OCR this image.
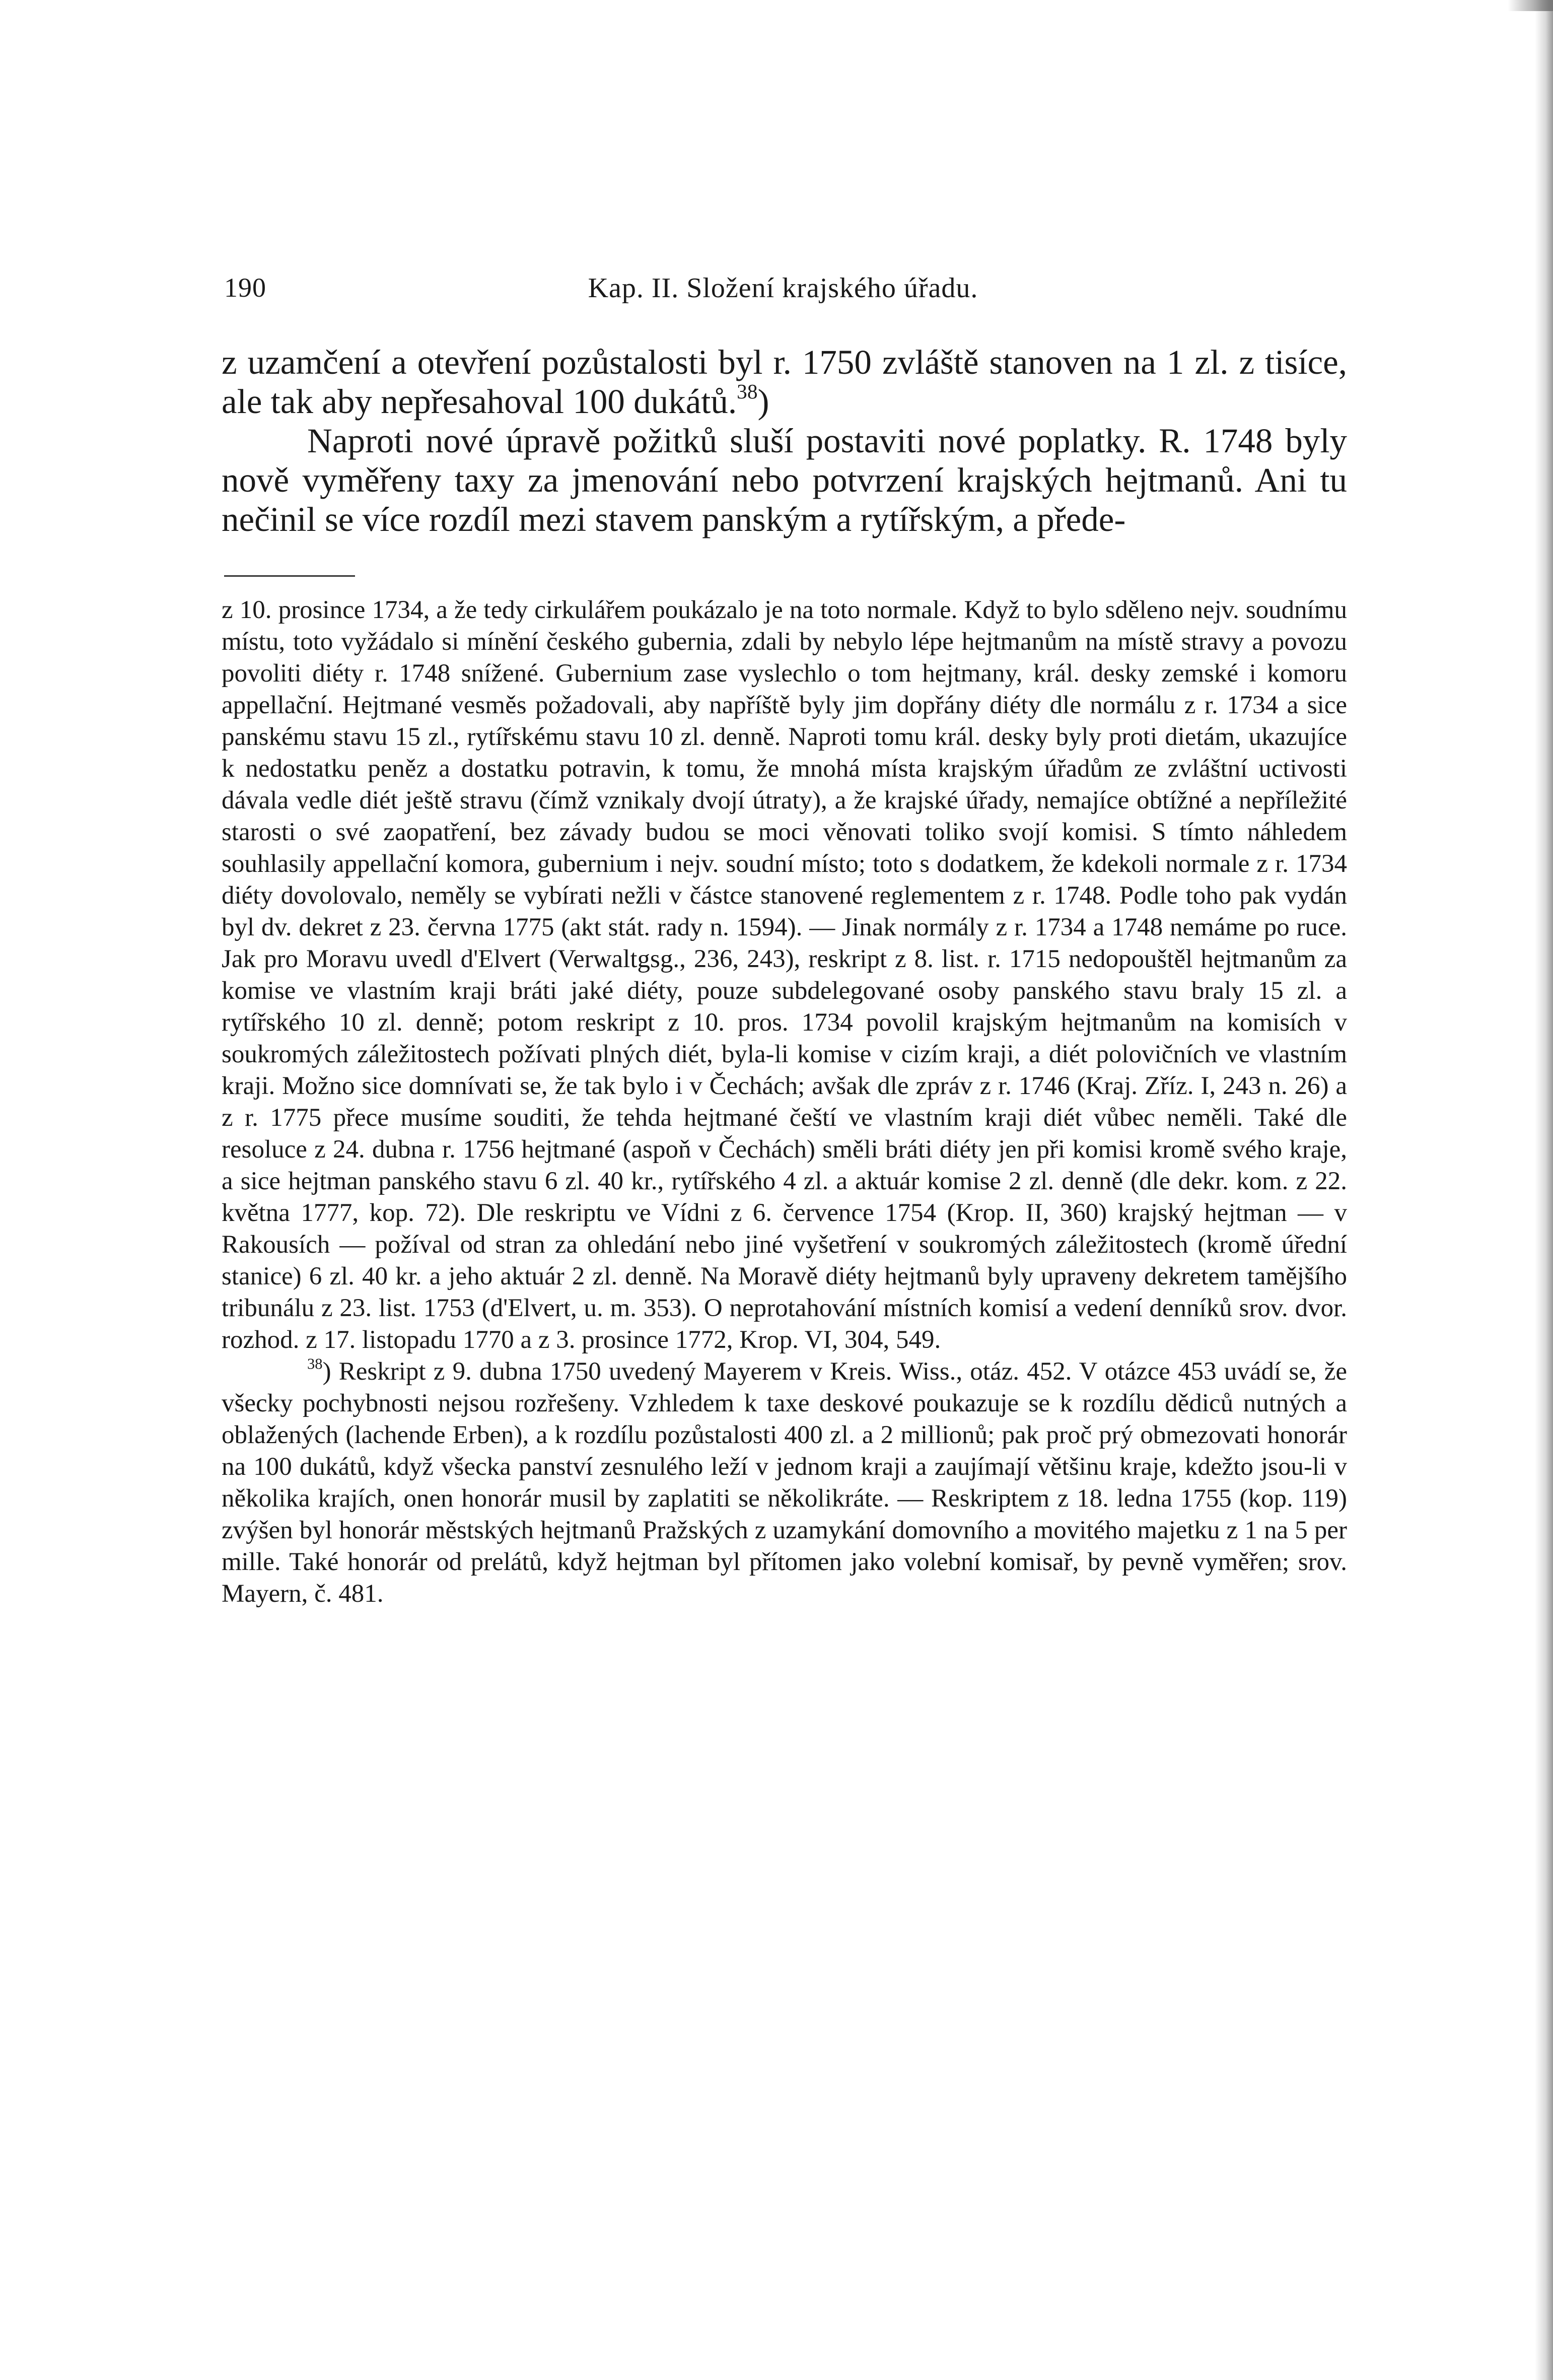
Kap. II. Složení krajského úřadu.
190

z uzamčení a otevření pozůstalosti byl r. 1750 zvláště stanoven na 1 zl. z tisíce, ale tak aby nepřesahoval 100 dukátů.$^{38}$)

Naproti nové úpravě požitků sluší postaviti nové poplatky. R. 1748 byly nově vyměřeny taxy za jmenování nebo potvrzení krajských hejtmanů. Ani tu nečinil se více rozdíl mezi stavem panským a rytířským, a přede-

z 10. prosince 1734, a že tedy cirkulářem poukázalo je na toto normale. Když to bylo sděleno nejv. soudnímu místu, toto vyžádalo si mínění českého gubernia, zdali by nebylo lépe hejtmanům na místě stravy a povozu povoliti diéty r. 1748 snížené. Gubernium zase vyslechlo o tom hejtmany, král. desky zemské i komoru appellační. Hejtmané vesměs požadovali, aby napříště byly jim dopřány diéty dle normálu z r. 1734 a sice panskému stavu 15 zl., rytířskému stavu 10 zl. denně. Naproti tomu král. desky byly proti dietám, ukazujíce k nedostatku peněz a dostatku potravin, k tomu, že mnohá místa krajským úřadům ze zvláštní uctivosti dávala vedle diét ještě stravu (čímž vznikaly dvojí útraty), a že krajské úřady, nemajíce obtížné a nepříležité starosti o své zaopatření, bez závady budou se moci věnovati toliko svojí komisi. S tímto náhledem souhlasily appellační komora, gubernium i nejv. soudní místo; toto s dodatkem, že kdekoli normale z r. 1734 diéty dovolovalo, neměly se vybírati nežli v částce stanovené reglementem z r. 1748. Podle toho pak vydán byl dv. dekret z 23. června 1775 (akt stát. rady n. 1594). — Jinak normály z r. 1734 a 1748 nemáme po ruce. Jak pro Moravu uvedl d'Elvert (Verwaltgsg., 236, 243), reskript z 8. list. r. 1715 nedopouštěl hejtmanům za komise ve vlastním kraji bráti jaké diéty, pouze subdelegované osoby panského stavu braly 15 zl. a rytířského 10 zl. denně; potom reskript z 10. pros. 1734 povolil krajským hejtmanům na komisích v soukromých záležitostech požívati plných diét, byla-li komise v cizím kraji, a diét polovičních ve vlastním kraji. Možno sice domnívati se, že tak bylo i v Čechách; avšak dle zpráv z r. 1746 (Kraj. Zříz. I, 243 n. 26) a z r. 1775 přece musíme souditi, že tehda hejtmané čeští ve vlastním kraji diét vůbec neměli. Také dle resoluce z 24. dubna r. 1756 hejtmané (aspoň v Čechách) směli bráti diéty jen při komisi kromě svého kraje, a sice hejtman panského stavu 6 zl. 40 kr., rytířského 4 zl. a aktuár komise 2 zl. denně (dle dekr. kom. z 22. května 1777, kop. 72). Dle reskriptu ve Vídni z 6. července 1754 (Krop. II, 360) krajský hejtman — v Rakousích — požíval od stran za ohledání nebo jiné vyšetření v soukromých záležitostech (kromě úřední stanice) 6 zl. 40 kr. a jeho aktuár 2 zl. denně. Na Moravě diéty hejtmanů byly upraveny dekretem tamějšího tribunálu z 23. list. 1753 (d'Elvert, u. m. 353). O neprotahování místních komisí a vedení denníků srov. dvor. rozhod. z 17. listopadu 1770 a z 3. prosince 1772, Krop. VI, 304, 549.

$^{38}$) Reskript z 9. dubna 1750 uvedený Mayerem v Kreis. Wiss., otáz. 452. V otázce 453 uvádí se, že všecky pochybnosti nejsou rozřešeny. Vzhledem k taxe deskové poukazuje se k rozdílu dědiců nutných a oblažených (lachende Erben), a k rozdílu pozůstalosti 400 zl. a 2 millionů; pak proč prý obmezovati honorár na 100 dukátů, když všecka panství zesnulého leží v jednom kraji a zaujímají většinu kraje, kdežto jsou-li v několika krajích, onen honorár musil by zaplatiti se několikráte. — Reskriptem z 18. ledna 1755 (kop. 119) zvýšen byl honorár městských hejtmanů Pražských z uzamykání domovního a movitého majetku z 1 na 5 per mille. Také honorár od prelátů, když hejtman byl přítomen jako volební komisař, by pevně vyměřen; srov. Mayern, č. 481.
